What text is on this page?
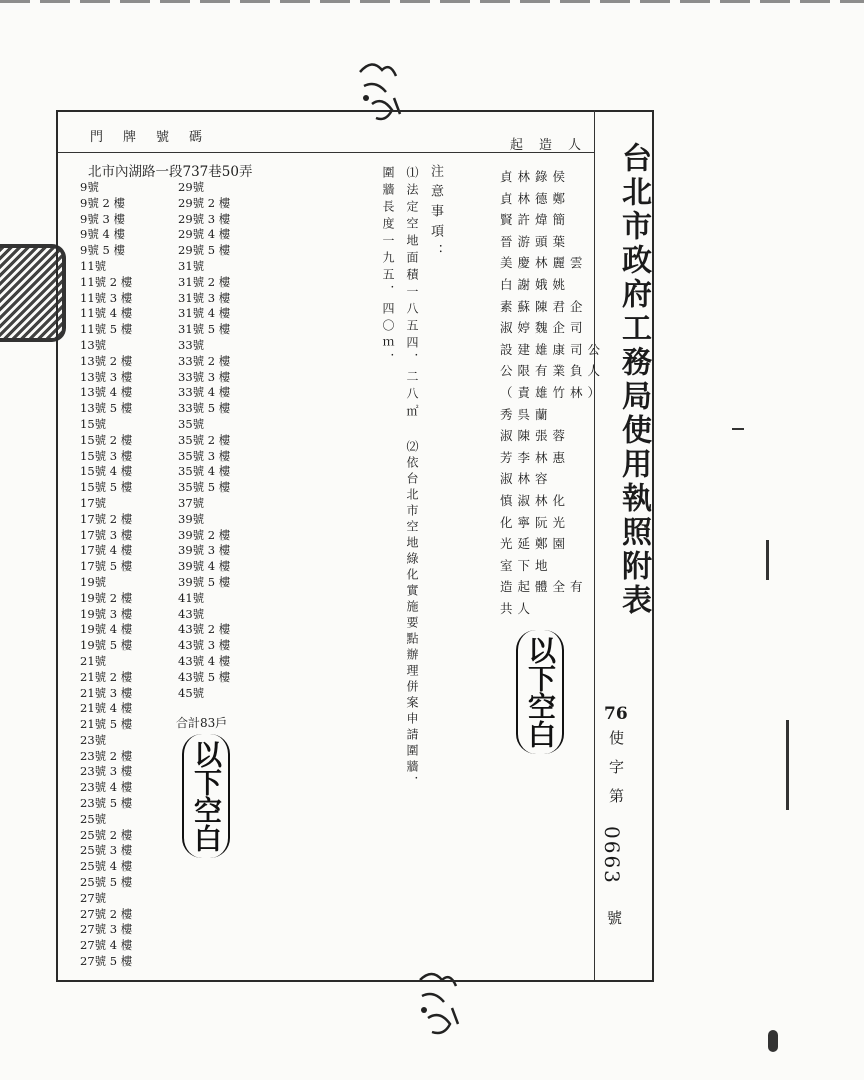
門牌號碼
起造人
北市內湖路一段737巷50弄
9號
9號 2 樓
9號 3 樓
9號 4 樓
9號 5 樓
11號
11號 2 樓
11號 3 樓
11號 4 樓
11號 5 樓
13號
13號 2 樓
13號 3 樓
13號 4 樓
13號 5 樓
15號
15號 2 樓
15號 3 樓
15號 4 樓
15號 5 樓
17號
17號 2 樓
17號 3 樓
17號 4 樓
17號 5 樓
19號
19號 2 樓
19號 3 樓
19號 4 樓
19號 5 樓
21號
21號 2 樓
21號 3 樓
21號 4 樓
21號 5 樓
23號
23號 2 樓
23號 3 樓
23號 4 樓
23號 5 樓
25號
25號 2 樓
25號 3 樓
25號 4 樓
25號 5 樓
27號
27號 2 樓
27號 3 樓
27號 4 樓
27號 5 樓
29號
29號 2 樓
29號 3 樓
29號 4 樓
29號 5 樓
31號
31號 2 樓
31號 3 樓
31號 4 樓
31號 5 樓
33號
33號 2 樓
33號 3 樓
33號 4 樓
33號 5 樓
35號
35號 2 樓
35號 3 樓
35號 4 樓
35號 5 樓
37號
39號
39號 2 樓
39號 3 樓
39號 4 樓
39號 5 樓
41號
43號
43號 2 樓
43號 3 樓
43號 4 樓
43號 5 樓
45號
合計83戶
以下空白
以下空白
注意事項：
⑴法定空地面積一八五四．二八㎡
圍牆長度一九五．四〇ｍ．
⑵依台北市空地綠化實施要點辦理併案申請圍牆．
貞林錄侯
貞林德鄭
賢許煒簡
晉游頭葉
美慶林麗雲
白謝娥姚
素蘇陳君企
淑婷魏企司
設建雄康司公
公限有業負人
（責雄竹林）
秀呉蘭
淑陳張蓉
芳李林惠
淑林容
慎淑林化
化寧阮光
光延鄭園
室下地
造起體全有
共人	台北市政府工務局使用執照附表
76
使字第
0663
號
